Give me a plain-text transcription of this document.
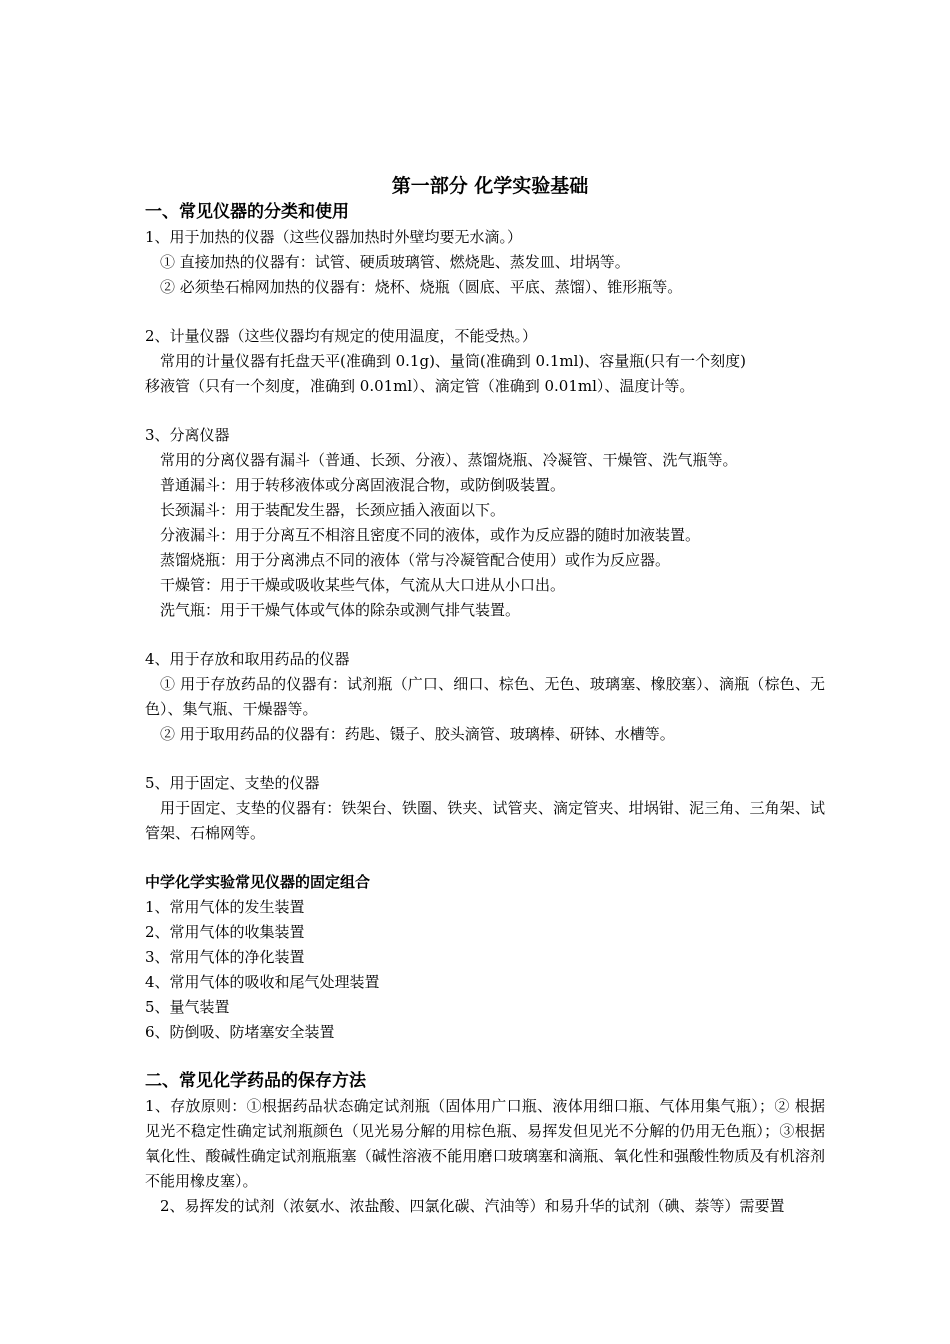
第一部分 化学实验基础
一、常见仪器的分类和使用

1、用于加热的仪器（这些仪器加热时外壁均要无水滴。）

① 直接加热的仪器有：试管、硬质玻璃管、燃烧匙、蒸发皿、坩埚等。

② 必须垫石棉网加热的仪器有：烧杯、烧瓶（圆底、平底、蒸馏）、锥形瓶等。

2、计量仪器（这些仪器均有规定的使用温度，不能受热。）

常用的计量仪器有托盘天平(准确到 0.1g)、量筒(准确到 0.1ml)、容量瓶(只有一个刻度)

移液管（只有一个刻度，准确到 0.01ml）、滴定管（准确到 0.01ml）、温度计等。

3、分离仪器

常用的分离仪器有漏斗（普通、长颈、分液）、蒸馏烧瓶、冷凝管、干燥管、洗气瓶等。

普通漏斗：用于转移液体或分离固液混合物，或防倒吸装置。

长颈漏斗：用于装配发生器，长颈应插入液面以下。

分液漏斗：用于分离互不相溶且密度不同的液体，或作为反应器的随时加液装置。

蒸馏烧瓶：用于分离沸点不同的液体（常与冷凝管配合使用）或作为反应器。

干燥管：用于干燥或吸收某些气体，气流从大口进从小口出。

洗气瓶：用于干燥气体或气体的除杂或测气排气装置。

4、用于存放和取用药品的仪器

① 用于存放药品的仪器有：试剂瓶（广口、细口、棕色、无色、玻璃塞、橡胶塞）、滴瓶（棕色、无色）、集气瓶、干燥器等。

② 用于取用药品的仪器有：药匙、镊子、胶头滴管、玻璃棒、研钵、水槽等。

5、用于固定、支垫的仪器

用于固定、支垫的仪器有：铁架台、铁圈、铁夹、试管夹、滴定管夹、坩埚钳、泥三角、三角架、试管架、石棉网等。

中学化学实验常见仪器的固定组合

1、常用气体的发生装置

2、常用气体的收集装置

3、常用气体的净化装置

4、常用气体的吸收和尾气处理装置

5、量气装置

6、防倒吸、防堵塞安全装置

二、常见化学药品的保存方法

1、存放原则：①根据药品状态确定试剂瓶（固体用广口瓶、液体用细口瓶、气体用集气瓶）；② 根据见光不稳定性确定试剂瓶颜色（见光易分解的用棕色瓶、易挥发但见光不分解的仍用无色瓶）；③根据氧化性、酸碱性确定试剂瓶瓶塞（碱性溶液不能用磨口玻璃塞和滴瓶、氧化性和强酸性物质及有机溶剂不能用橡皮塞）。

2、易挥发的试剂（浓氨水、浓盐酸、四氯化碳、汽油等）和易升华的试剂（碘、萘等）需要置
